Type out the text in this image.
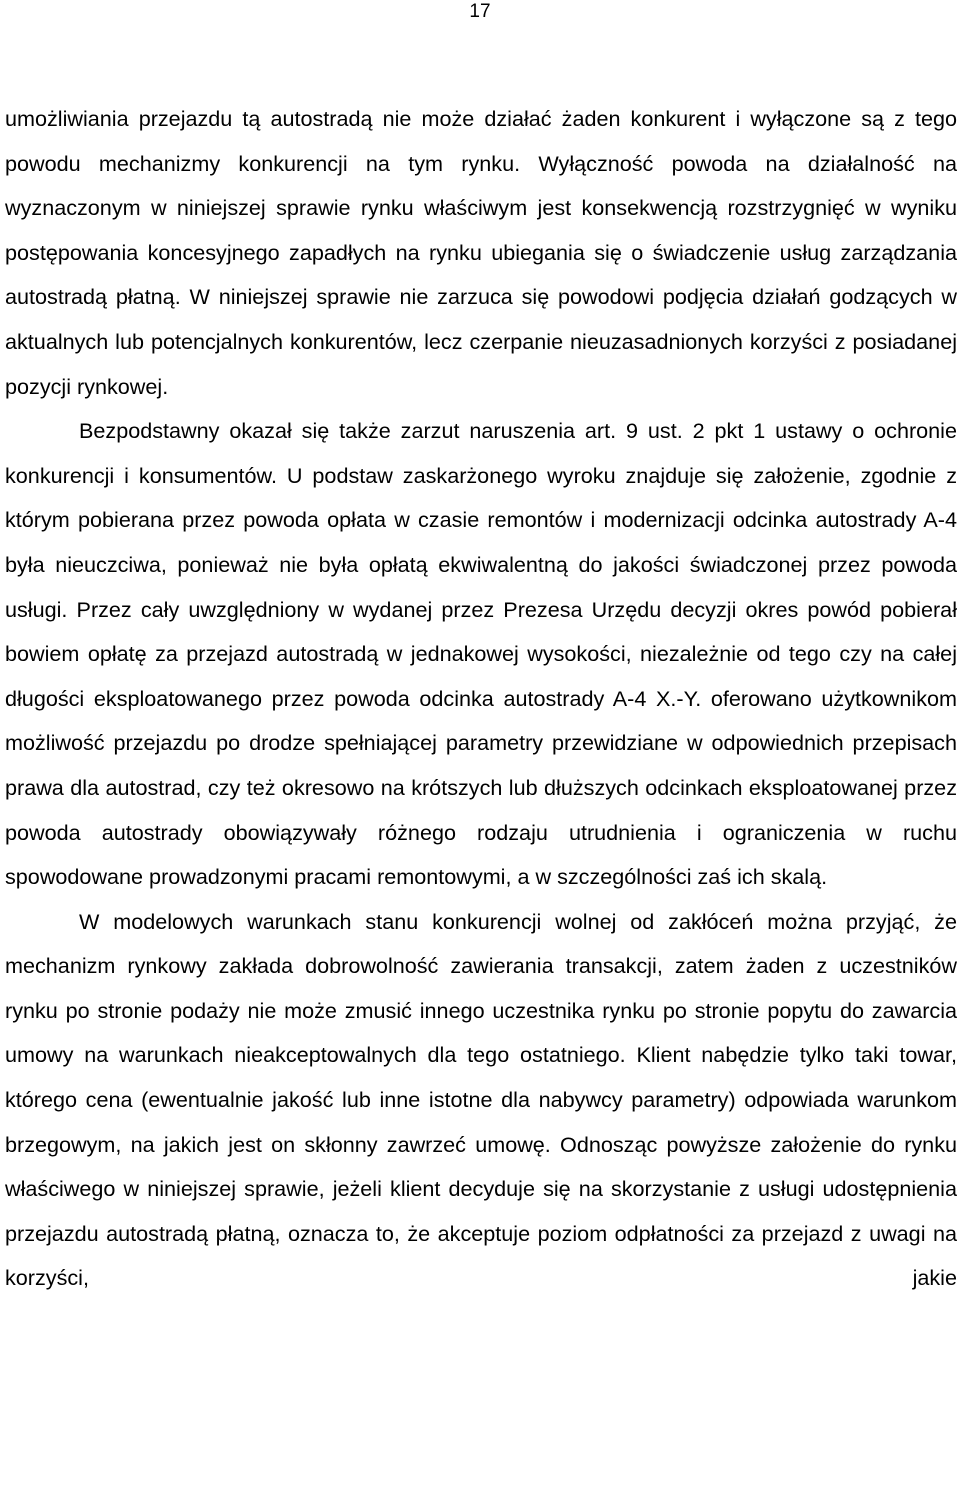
17

umożliwiania przejazdu tą autostradą nie może działać żaden konkurent i wyłączone są z tego powodu mechanizmy konkurencji na tym rynku. Wyłączność powoda na działalność na wyznaczonym w niniejszej sprawie rynku właściwym jest konsekwencją rozstrzygnięć w wyniku postępowania koncesyjnego zapadłych na rynku ubiegania się o świadczenie usług zarządzania autostradą płatną. W niniejszej sprawie nie zarzuca się powodowi podjęcia działań godzących w aktualnych lub potencjalnych konkurentów, lecz czerpanie nieuzasadnionych korzyści z posiadanej pozycji rynkowej.

Bezpodstawny okazał się także zarzut naruszenia art. 9 ust. 2 pkt 1 ustawy o ochronie konkurencji i konsumentów. U podstaw zaskarżonego wyroku znajduje się założenie, zgodnie z którym pobierana przez powoda opłata w czasie remontów i modernizacji odcinka autostrady A-4 była nieuczciwa, ponieważ nie była opłatą ekwiwalentną do jakości świadczonej przez powoda usługi. Przez cały uwzględniony w wydanej przez Prezesa Urzędu decyzji okres powód pobierał bowiem opłatę za przejazd autostradą w jednakowej wysokości, niezależnie od tego czy na całej długości eksploatowanego przez powoda odcinka autostrady A-4 X.-Y. oferowano użytkownikom możliwość przejazdu po drodze spełniającej parametry przewidziane w odpowiednich przepisach prawa dla autostrad, czy też okresowo na krótszych lub dłuższych odcinkach eksploatowanej przez powoda autostrady obowiązywały różnego rodzaju utrudnienia i ograniczenia w ruchu spowodowane prowadzonymi pracami remontowymi, a w szczególności zaś ich skalą.

W modelowych warunkach stanu konkurencji wolnej od zakłóceń można przyjąć, że mechanizm rynkowy zakłada dobrowolność zawierania transakcji, zatem żaden z uczestników rynku po stronie podaży nie może zmusić innego uczestnika rynku po stronie popytu do zawarcia umowy na warunkach nieakceptowalnych dla tego ostatniego. Klient nabędzie tylko taki towar, którego cena (ewentualnie jakość lub inne istotne dla nabywcy parametry) odpowiada warunkom brzegowym, na jakich jest on skłonny zawrzeć umowę. Odnosząc powyższe założenie do rynku właściwego w niniejszej sprawie, jeżeli klient decyduje się na skorzystanie z usługi udostępnienia przejazdu autostradą płatną, oznacza to, że akceptuje poziom odpłatności za przejazd z uwagi na korzyści, jakie
